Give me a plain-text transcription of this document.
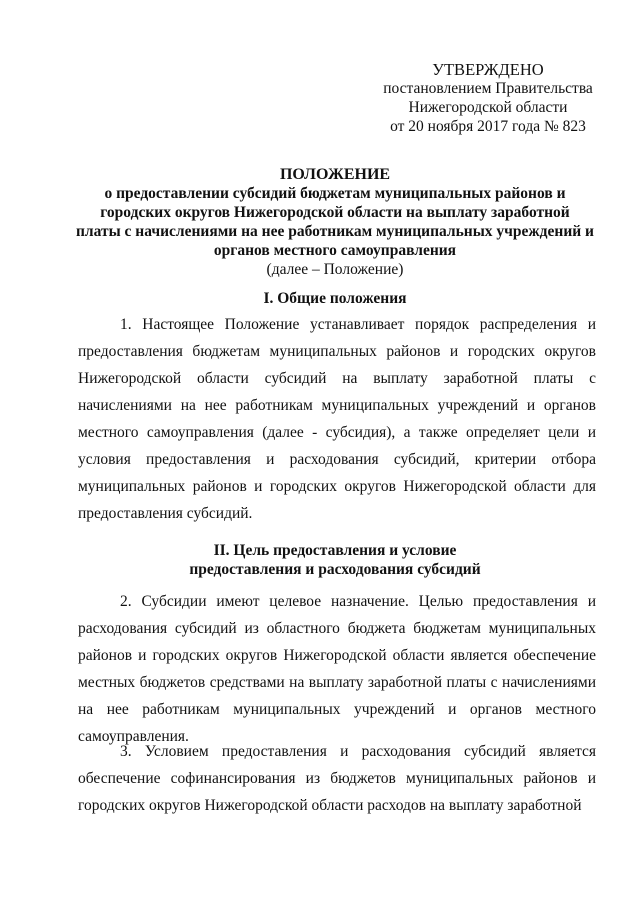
УТВЕРЖДЕНО
постановлением Правительства
Нижегородской области
от 20 ноября 2017 года № 823
ПОЛОЖЕНИЕ
о предоставлении субсидий бюджетам муниципальных районов и
городских округов Нижегородской области на выплату заработной
платы с начислениями на нее работникам муниципальных учреждений и
органов местного самоуправления
(далее – Положение)
I. Общие положения

1. Настоящее Положение устанавливает порядок распределения и предоставления бюджетам муниципальных районов и городских округов Нижегородской области субсидий на выплату заработной платы с начислениями на нее работникам муниципальных учреждений и органов местного самоуправления (далее - субсидия), а также определяет цели и условия предоставления и расходования субсидий, критерии отбора муниципальных районов и городских округов Нижегородской области для предоставления субсидий.

II. Цель предоставления и условие
предоставления и расходования субсидий

2. Субсидии имеют целевое назначение. Целью предоставления и расходования субсидий из областного бюджета бюджетам муниципальных районов и городских округов Нижегородской области является обеспечение местных бюджетов средствами на выплату заработной платы с начислениями на нее работникам муниципальных учреждений и органов местного самоуправления.

3. Условием предоставления и расходования субсидий является обеспечение софинансирования из бюджетов муниципальных районов и городских округов Нижегородской области расходов на выплату заработной
